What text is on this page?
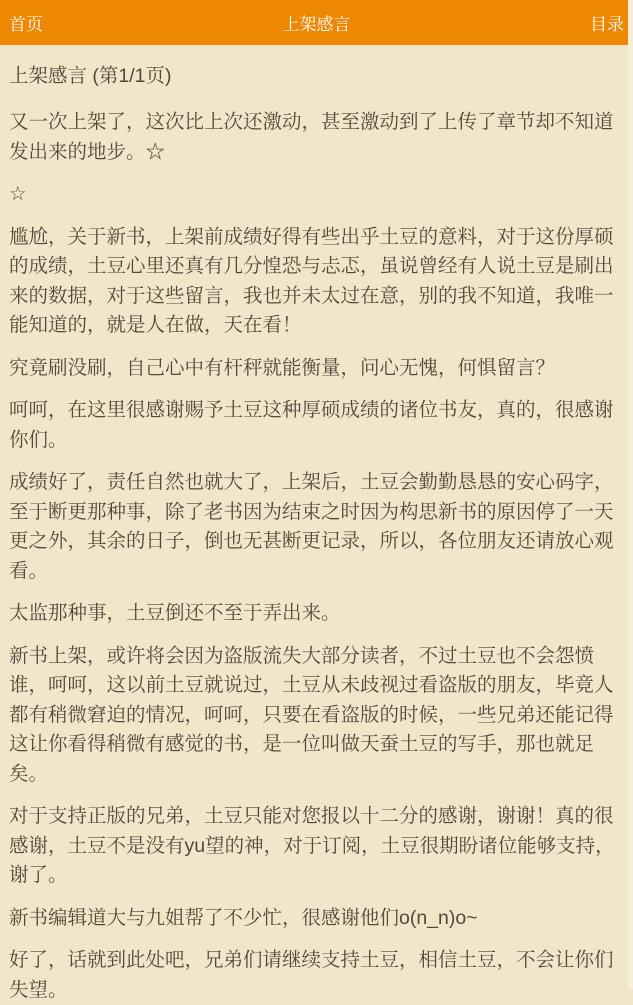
首页	上架感言	目录
上架感言 (第1/1页)

又一次上架了，这次比上次还激动，甚至激动到了上传了章节却不知道发出来的地步。☆

☆

尴尬，关于新书，上架前成绩好得有些出乎土豆的意料，对于这份厚硕的成绩，土豆心里还真有几分惶恐与忐忑，虽说曾经有人说土豆是刷出来的数据，对于这些留言，我也并未太过在意，别的我不知道，我唯一能知道的，就是人在做，天在看！

究竟刷没刷，自己心中有杆秤就能衡量，问心无愧，何惧留言？

呵呵，在这里很感谢赐予土豆这种厚硕成绩的诸位书友，真的，很感谢你们。

成绩好了，责任自然也就大了，上架后，土豆会勤勤恳恳的安心码字，至于断更那种事，除了老书因为结束之时因为构思新书的原因停了一天更之外，其余的日子，倒也无甚断更记录，所以，各位朋友还请放心观看。

太监那种事，土豆倒还不至于弄出来。

新书上架，或许将会因为盗版流失大部分读者，不过土豆也不会怨愤谁，呵呵，这以前土豆就说过，土豆从未歧视过看盗版的朋友，毕竟人都有稍微窘迫的情况，呵呵，只要在看盗版的时候，一些兄弟还能记得这让你看得稍微有感觉的书，是一位叫做天蚕土豆的写手，那也就足矣。

对于支持正版的兄弟，土豆只能对您报以十二分的感谢，谢谢！真的很感谢，土豆不是没有yu望的神，对于订阅，土豆很期盼诸位能够支持，谢了。

新书编辑道大与九姐帮了不少忙，很感谢他们o(n_n)o~

好了，话就到此处吧，兄弟们请继续支持土豆，相信土豆，不会让你们失望。
